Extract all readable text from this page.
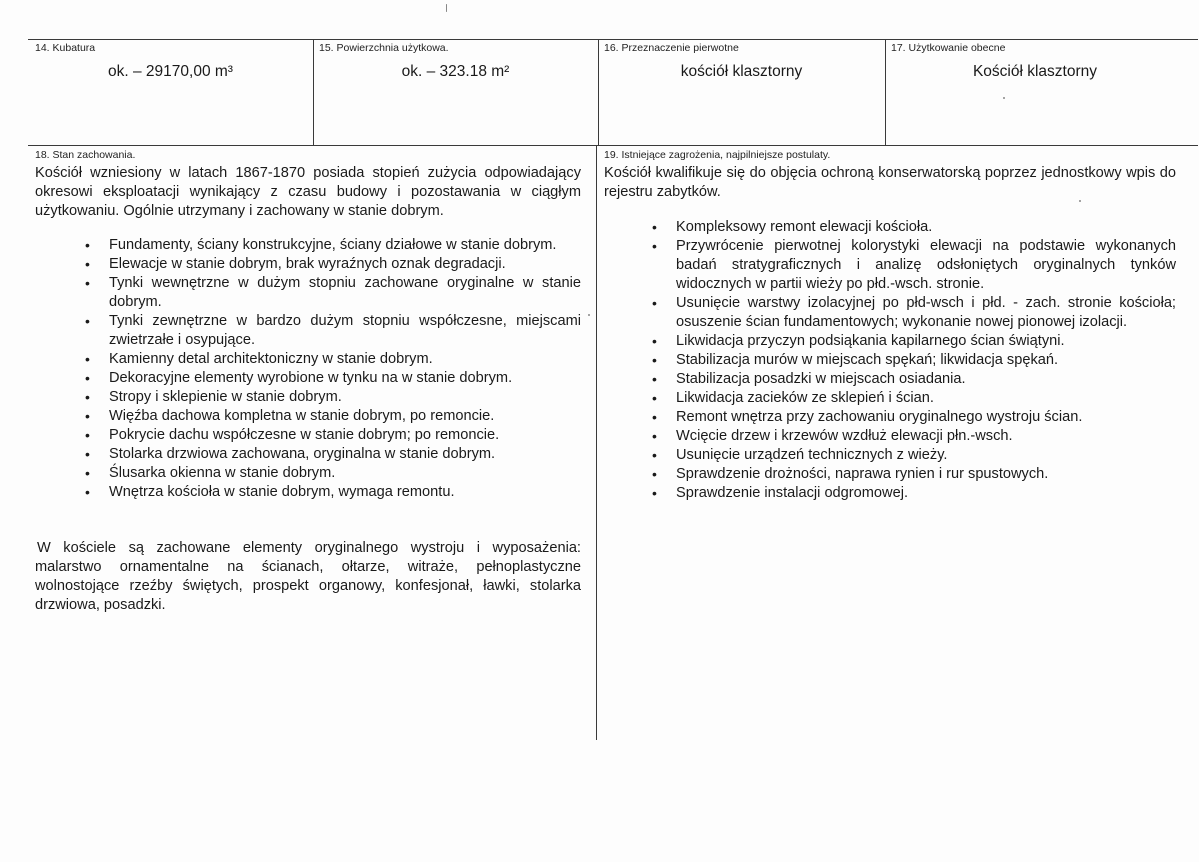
14. Kubatura
ok. – 29170,00 m³
15. Powierzchnia użytkowa.
ok. – 323.18 m²
16. Przeznaczenie pierwotne
kościół klasztorny
17. Użytkowanie obecne
Kościół klasztorny
18. Stan zachowania.
Kościół wzniesiony w latach 1867-1870 posiada stopień zużycia odpowiadający okresowi eksploatacji wynikający z czasu budowy i pozostawania w ciągłym użytkowaniu. Ogólnie utrzymany i zachowany w stanie dobrym.
•	Fundamenty, ściany konstrukcyjne, ściany działowe w stanie dobrym.
•	Elewacje w stanie dobrym, brak wyraźnych oznak degradacji.
•	Tynki wewnętrzne w dużym stopniu zachowane oryginalne w stanie dobrym.
•	Tynki zewnętrzne w bardzo dużym stopniu współczesne, miejscami zwietrzałe i osypujące.
•	Kamienny detal architektoniczny w stanie dobrym.
•	Dekoracyjne elementy wyrobione w tynku na w stanie dobrym.
•	Stropy i sklepienie w stanie dobrym.
•	Więźba dachowa kompletna w stanie dobrym, po remoncie.
•	Pokrycie dachu współczesne w stanie dobrym; po remoncie.
•	Stolarka drzwiowa zachowana, oryginalna w stanie dobrym.
•	Ślusarka okienna w stanie dobrym.
•	Wnętrza kościoła w stanie dobrym, wymaga remontu.
W kościele są zachowane elementy oryginalnego wystroju i wyposażenia: malarstwo ornamentalne na ścianach, ołtarze, witraże, pełnoplastyczne wolnostojące rzeźby świętych, prospekt organowy, konfesjonał, ławki, stolarka drzwiowa, posadzki.
19. Istniejące zagrożenia, najpilniejsze postulaty.
Kościół kwalifikuje się do objęcia ochroną konserwatorską poprzez jednostkowy wpis do rejestru zabytków.
•	Kompleksowy remont elewacji kościoła.
•	Przywrócenie pierwotnej kolorystyki elewacji na podstawie wykonanych badań stratygraficznych i analizę odsłoniętych oryginalnych tynków widocznych w partii wieży po płd.-wsch. stronie.
•	Usunięcie warstwy izolacyjnej po płd-wsch i płd. - zach. stronie kościoła; osuszenie ścian fundamentowych; wykonanie nowej pionowej izolacji.
•	Likwidacja przyczyn podsiąkania kapilarnego ścian świątyni.
•	Stabilizacja murów w miejscach spękań; likwidacja spękań.
•	Stabilizacja posadzki w miejscach osiadania.
•	Likwidacja zacieków ze sklepień i ścian.
•	Remont wnętrza przy zachowaniu oryginalnego wystroju ścian.
•	Wcięcie drzew i krzewów wzdłuż elewacji płn.-wsch.
•	Usunięcie urządzeń technicznych z wieży.
•	Sprawdzenie drożności, naprawa rynien i rur spustowych.
•	Sprawdzenie instalacji odgromowej.
